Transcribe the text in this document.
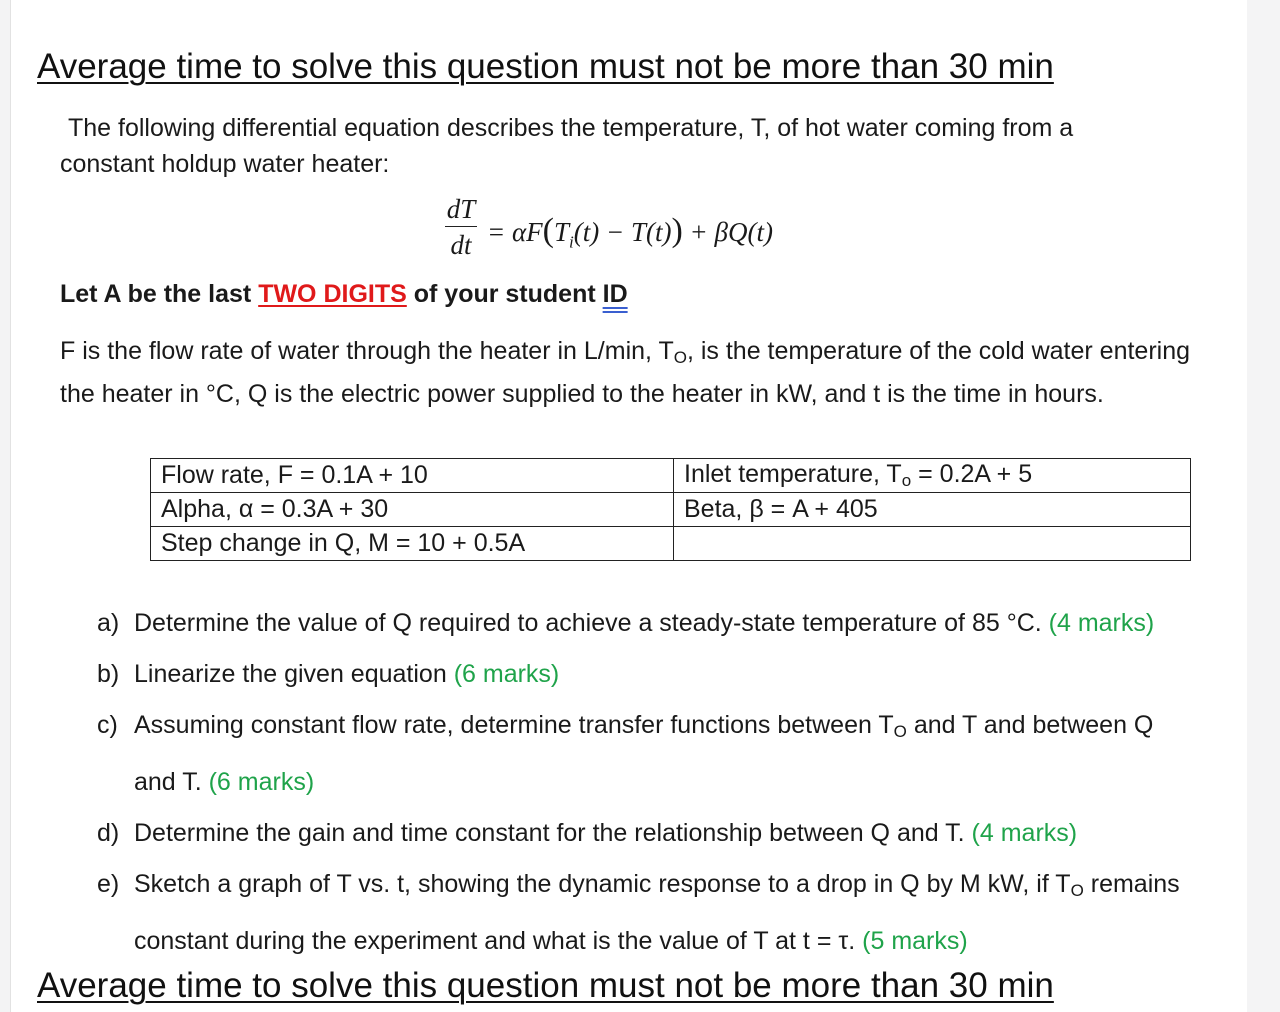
Average time to solve this question must not be more than 30 min
The following differential equation describes the temperature, T, of hot water coming from a
constant holdup water heater:
dT
dt = $\alpha F(T_i(t) - T(t)) + \beta Q(t)$
Let A be the last TWO DIGITS of your student ID
F is the flow rate of water through the heater in L/min, $T_O$, is the temperature of the cold water entering the heater in °C, Q is the electric power supplied to the heater in kW, and t is the time in hours.
Flow rate, F = 0.1A + 10	Inlet temperature, $T_o = 0.2A + 5$
Alpha, α = 0.3A + 30	Beta, β = A + 405
Step change in Q, M = 10 + 0.5A	
a) Determine the value of Q required to achieve a steady-state temperature of 85 °C. (4 marks)
b) Linearize the given equation (6 marks)
c) Assuming constant flow rate, determine transfer functions between $T_O$ and T and between Q
and T. (6 marks)
d) Determine the gain and time constant for the relationship between Q and T. (4 marks)
e) Sketch a graph of T vs. t, showing the dynamic response to a drop in Q by M kW, if $T_O$ remains
constant during the experiment and what is the value of T at t = τ. (5 marks)
Average time to solve this question must not be more than 30 min
